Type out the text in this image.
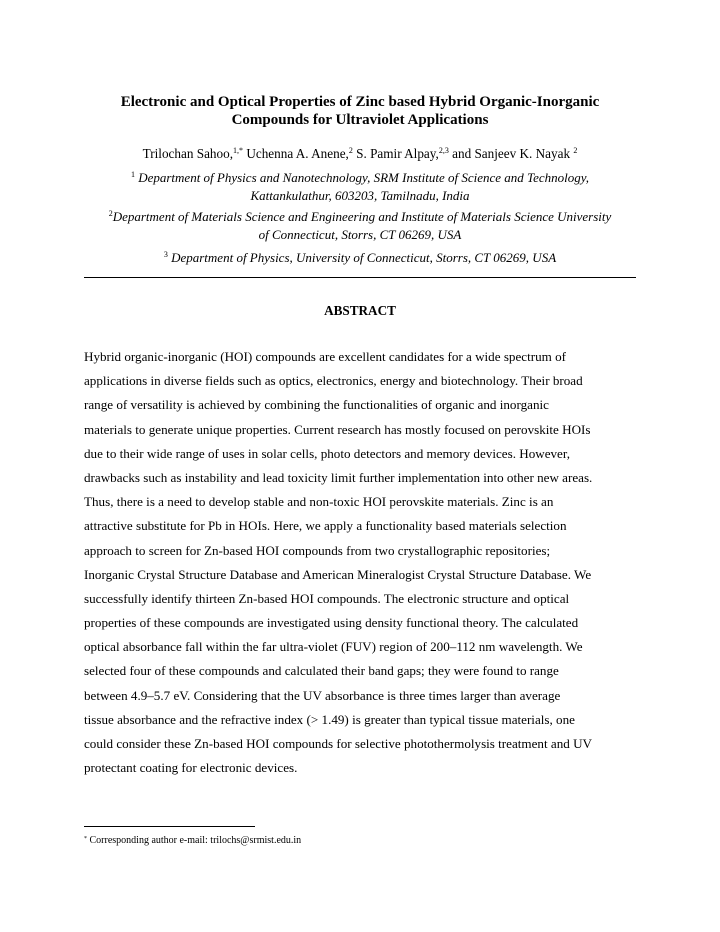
Electronic and Optical Properties of Zinc based Hybrid Organic-Inorganic
Compounds for Ultraviolet Applications
Trilochan Sahoo,$^{1,*}$ Uchenna A. Anene,$^2$ S. Pamir Alpay,$^{2,3}$ and Sanjeev K. Nayak $^2$
$^1$ Department of Physics and Nanotechnology, SRM Institute of Science and Technology,
Kattankulathur, 603203, Tamilnadu, India
$^2$Department of Materials Science and Engineering and Institute of Materials Science University
of Connecticut, Storrs, CT 06269, USA
$^3$ Department of Physics, University of Connecticut, Storrs, CT 06269, USA
ABSTRACT
Hybrid organic-inorganic (HOI) compounds are excellent candidates for a wide spectrum of
applications in diverse fields such as optics, electronics, energy and biotechnology. Their broad
range of versatility is achieved by combining the functionalities of organic and inorganic
materials to generate unique properties. Current research has mostly focused on perovskite HOIs
due to their wide range of uses in solar cells, photo detectors and memory devices. However,
drawbacks such as instability and lead toxicity limit further implementation into other new areas.
Thus, there is a need to develop stable and non-toxic HOI perovskite materials. Zinc is an
attractive substitute for Pb in HOIs. Here, we apply a functionality based materials selection
approach to screen for Zn-based HOI compounds from two crystallographic repositories;
Inorganic Crystal Structure Database and American Mineralogist Crystal Structure Database. We
successfully identify thirteen Zn-based HOI compounds. The electronic structure and optical
properties of these compounds are investigated using density functional theory. The calculated
optical absorbance fall within the far ultra-violet (FUV) region of 200–112 nm wavelength. We
selected four of these compounds and calculated their band gaps; they were found to range
between 4.9–5.7 eV. Considering that the UV absorbance is three times larger than average
tissue absorbance and the refractive index (> 1.49) is greater than typical tissue materials, one
could consider these Zn-based HOI compounds for selective photothermolysis treatment and UV
protectant coating for electronic devices.
* Corresponding author e-mail: trilochs@srmist.edu.in
